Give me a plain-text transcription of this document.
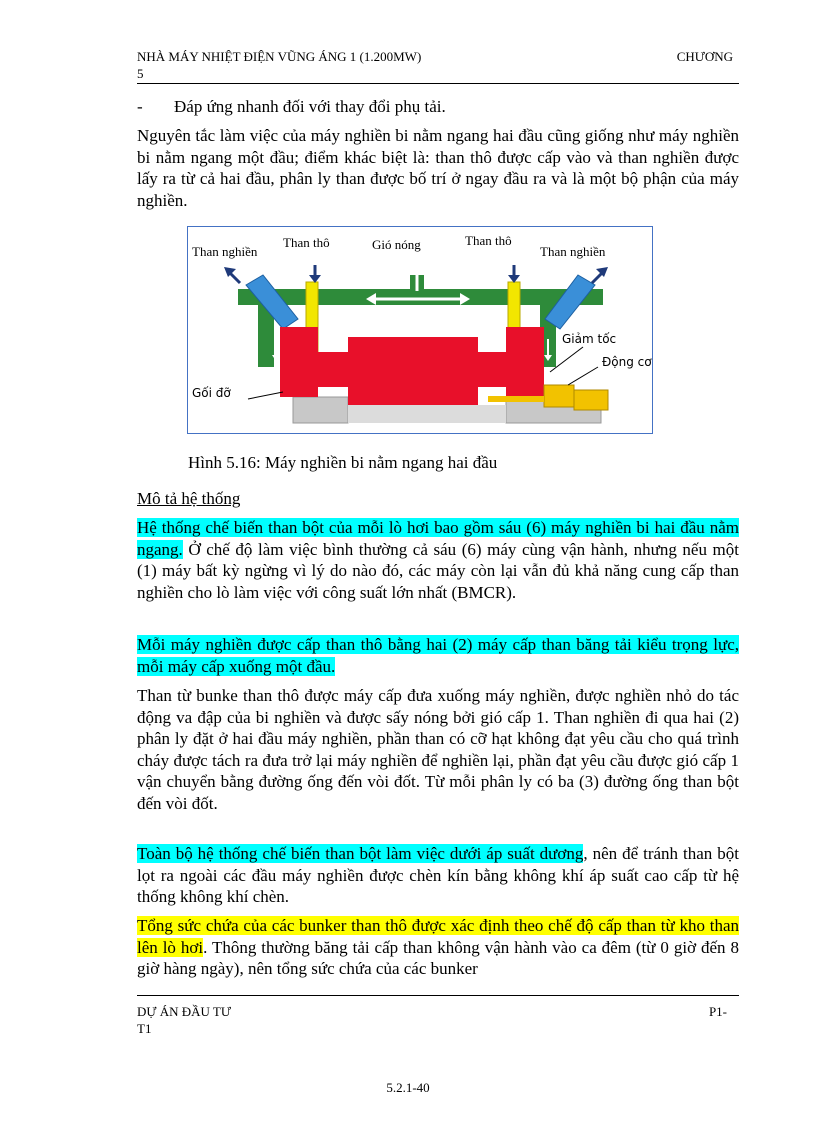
NHÀ MÁY NHIỆT ĐIỆN VŨNG ÁNG 1 (1.200MW)	CHƯƠNG
5
- Đáp ứng nhanh đối với thay đổi phụ tải.

Nguyên tắc làm việc của máy nghiền bi nằm ngang hai đầu cũng giống như máy nghiền bi nằm ngang một đầu; điểm khác biệt là: than thô được cấp vào và than nghiền được lấy ra từ cả hai đầu, phân ly than được bố trí ở ngay đầu ra và là một bộ phận của máy nghiền.

Than nghiền
Than thô	Gió nóng	Than thô
Than nghiền
Giảm tốc
Động cơ
Gối đỡ
Hình 5.16: Máy nghiền bi nằm ngang hai đầu
Mô tả hệ thống

Hệ thống chế biến than bột của mỗi lò hơi bao gồm sáu (6) máy nghiền bi hai đầu nằm ngang. Ở chế độ làm việc bình thường cả sáu (6) máy cùng vận hành, nhưng nếu một (1) máy bất kỳ ngừng vì lý do nào đó, các máy còn lại vẫn đủ khả năng cung cấp than nghiền cho lò làm việc với công suất lớn nhất (BMCR).

Mỗi máy nghiền được cấp than thô bằng hai (2) máy cấp than băng tải kiểu trọng lực, mỗi máy cấp xuống một đầu.

Than từ bunke than thô được máy cấp đưa xuống máy nghiền, được nghiền nhỏ do tác động va đập của bi nghiền và được sấy nóng bởi gió cấp 1. Than nghiền đi qua hai (2) phân ly đặt ở hai đầu máy nghiền, phần than có cỡ hạt không đạt yêu cầu cho quá trình cháy được tách ra đưa trở lại máy nghiền để nghiền lại, phần đạt yêu cầu được gió cấp 1 vận chuyển bằng đường ống đến vòi đốt. Từ mỗi phân ly có ba (3) đường ống than bột đến vòi đốt.

Toàn bộ hệ thống chế biến than bột làm việc dưới áp suất dương, nên để tránh than bột lọt ra ngoài các đầu máy nghiền được chèn kín bằng không khí áp suất cao cấp từ hệ thống không khí chèn.

Tổng sức chứa của các bunker than thô được xác định theo chế độ cấp than từ kho than lên lò hơi. Thông thường băng tải cấp than không vận hành vào ca đêm (từ 0 giờ đến 8 giờ hàng ngày), nên tổng sức chứa của các bunker

DỰ ÁN ĐẦU TƯ	P1-
T1
5.2.1-40
